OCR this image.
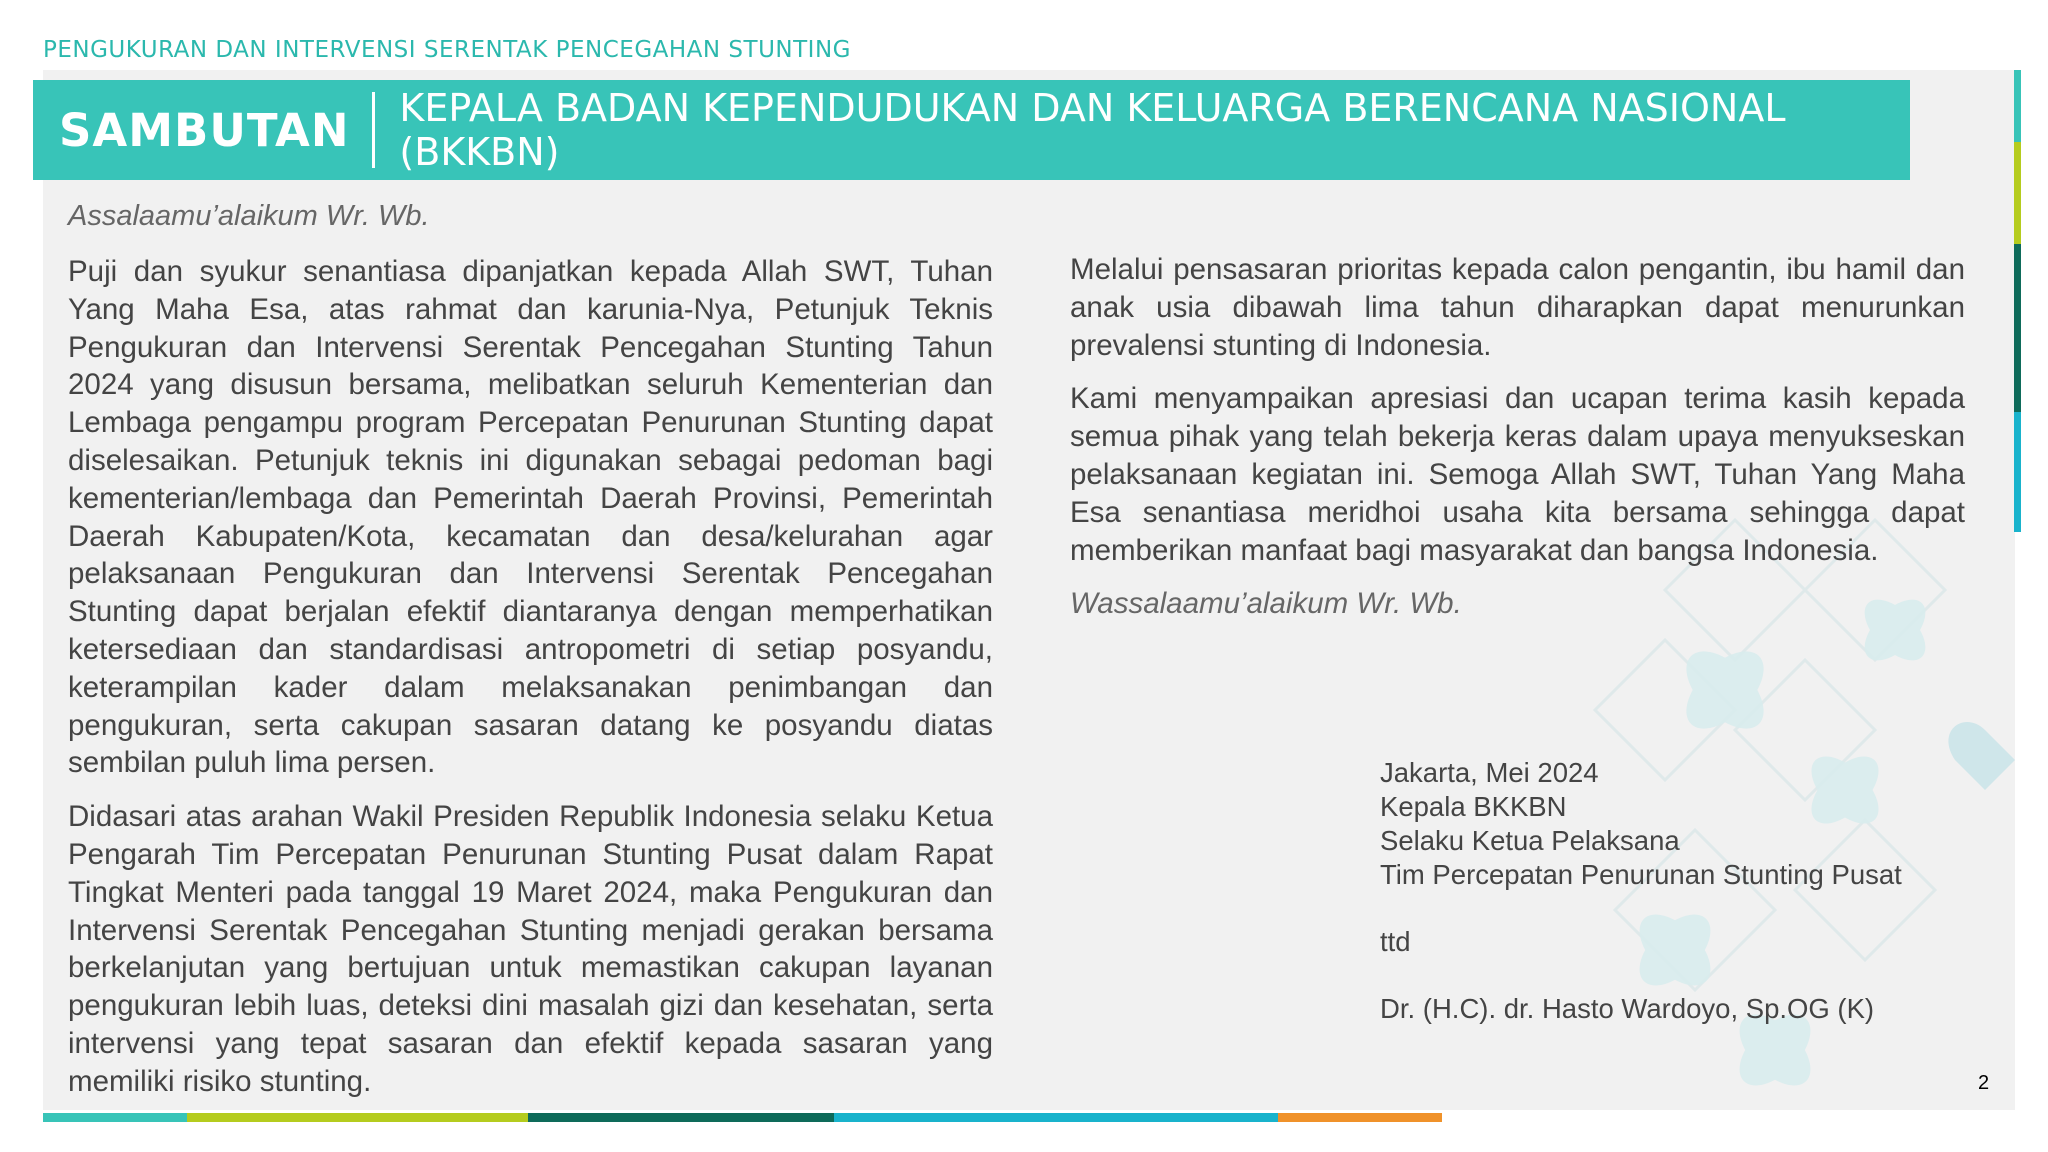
PENGUKURAN DAN INTERVENSI SERENTAK PENCEGAHAN STUNTING
SAMBUTAN	KEPALA BADAN KEPENDUDUKAN DAN KELUARGA BERENCANA NASIONAL (BKKBN)
Assalaamu’alaikum Wr. Wb.

Puji dan syukur senantiasa dipanjatkan kepada Allah SWT, Tuhan Yang Maha Esa, atas rahmat dan karunia-Nya, Petunjuk Teknis Pengukuran dan Intervensi Serentak Pencegahan Stunting Tahun 2024 yang disusun bersama, melibatkan seluruh Kementerian dan Lembaga pengampu program Percepatan Penurunan Stunting dapat diselesaikan. Petunjuk teknis ini digunakan sebagai pedoman bagi kementerian/lembaga dan Pemerintah Daerah Provinsi, Pemerintah Daerah Kabupaten/Kota, kecamatan dan desa/kelurahan agar pelaksanaan Pengukuran dan Intervensi Serentak Pencegahan Stunting dapat berjalan efektif diantaranya dengan memperhatikan ketersediaan dan standardisasi antropometri di setiap posyandu, keterampilan kader dalam melaksanakan penimbangan dan pengukuran, serta cakupan sasaran datang ke posyandu diatas sembilan puluh lima persen.

Didasari atas arahan Wakil Presiden Republik Indonesia selaku Ketua Pengarah Tim Percepatan Penurunan Stunting Pusat dalam Rapat Tingkat Menteri pada tanggal 19 Maret 2024, maka Pengukuran dan Intervensi Serentak Pencegahan Stunting menjadi gerakan bersama berkelanjutan yang bertujuan untuk memastikan cakupan layanan pengukuran lebih luas, deteksi dini masalah gizi dan kesehatan, serta intervensi yang tepat sasaran dan efektif kepada sasaran yang memiliki risiko stunting.

Melalui pensasaran prioritas kepada calon pengantin, ibu hamil dan anak usia dibawah lima tahun diharapkan dapat menurunkan prevalensi stunting di Indonesia.

Kami menyampaikan apresiasi dan ucapan terima kasih kepada semua pihak yang telah bekerja keras dalam upaya menyukseskan pelaksanaan kegiatan ini. Semoga Allah SWT, Tuhan Yang Maha Esa senantiasa meridhoi usaha kita bersama sehingga dapat memberikan manfaat bagi masyarakat dan bangsa Indonesia.

Wassalaamu’alaikum Wr. Wb.

Jakarta, Mei 2024
Kepala BKKBN
Selaku Ketua Pelaksana
Tim Percepatan Penurunan Stunting Pusat
ttd
Dr. (H.C). dr. Hasto Wardoyo, Sp.OG (K)
2
